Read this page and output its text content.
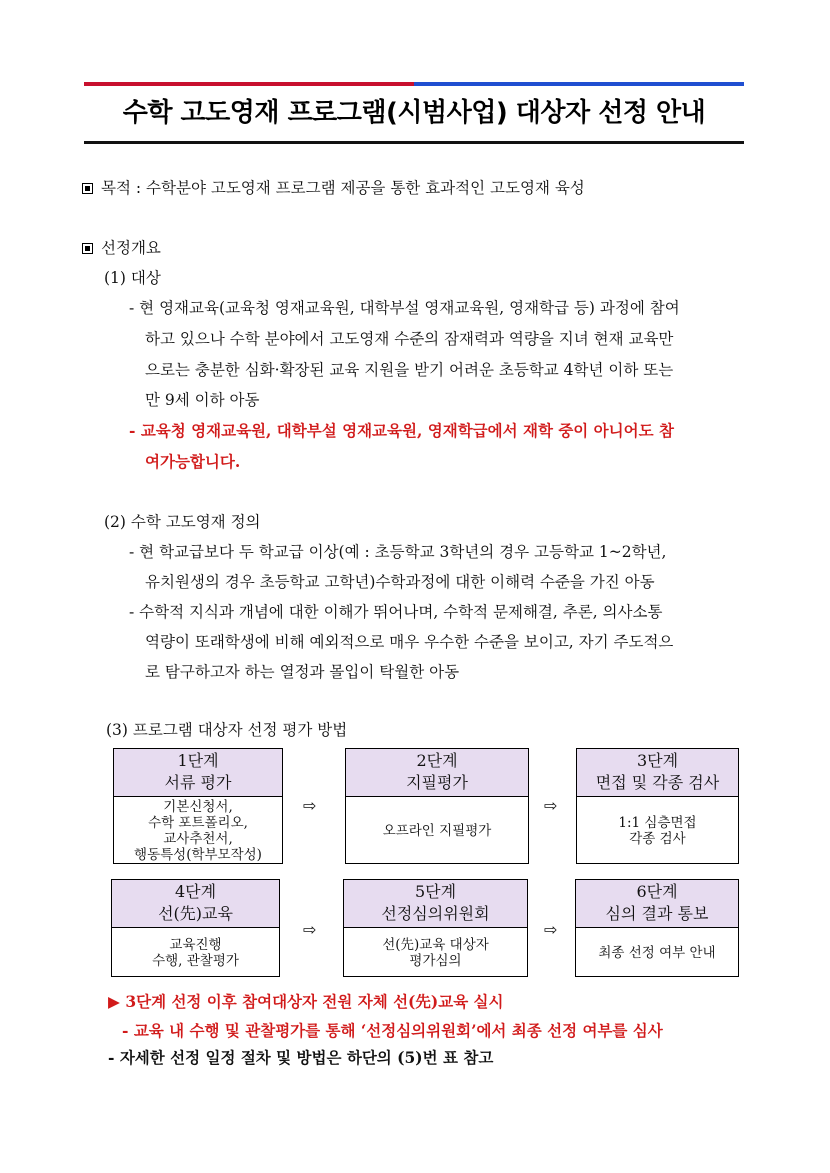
수학 고도영재 프로그램(시범사업) 대상자 선정 안내
목적 : 수학분야 고도영재 프로그램 제공을 통한 효과적인 고도영재 육성
선정개요
(1) 대상
- 현 영재교육(교육청 영재교육원, 대학부설 영재교육원, 영재학급 등) 과정에 참여
하고 있으나 수학 분야에서 고도영재 수준의 잠재력과 역량을 지녀 현재 교육만
으로는 충분한 심화·확장된 교육 지원을 받기 어려운 초등학교 4학년 이하 또는
만 9세 이하 아동
- 교육청 영재교육원, 대학부설 영재교육원, 영재학급에서 재학 중이 아니어도 참
여가능합니다.
(2) 수학 고도영재 정의
- 현 학교급보다 두 학교급 이상(예 : 초등학교 3학년의 경우 고등학교 1~2학년,
유치원생의 경우 초등학교 고학년)수학과정에 대한 이해력 수준을 가진 아동
- 수학적 지식과 개념에 대한 이해가 뛰어나며, 수학적 문제해결, 추론, 의사소통
역량이 또래학생에 비해 예외적으로 매우 우수한 수준을 보이고, 자기 주도적으
로 탐구하고자 하는 열정과 몰입이 탁월한 아동
(3) 프로그램 대상자 선정 평가 방법
1단계
서류 평가
기본신청서,
수학 포트폴리오,
교사추천서,
행동특성(학부모작성)
⇨
2단계
지필평가
오프라인 지필평가
⇨
3단계
면접 및 각종 검사
1:1 심층면접
각종 검사
4단계
선(先)교육
교육진행
수행, 관찰평가
⇨
5단계
선정심의위원회
선(先)교육 대상자
평가심의
⇨
6단계
심의 결과 통보
최종 선정 여부 안내
▶ 3단계 선정 이후 참여대상자 전원 자체 선(先)교육 실시
- 교육 내 수행 및 관찰평가를 통해 ‘선정심의위원회’에서 최종 선정 여부를 심사
- 자세한 선정 일정 절차 및 방법은 하단의 (5)번 표 참고
